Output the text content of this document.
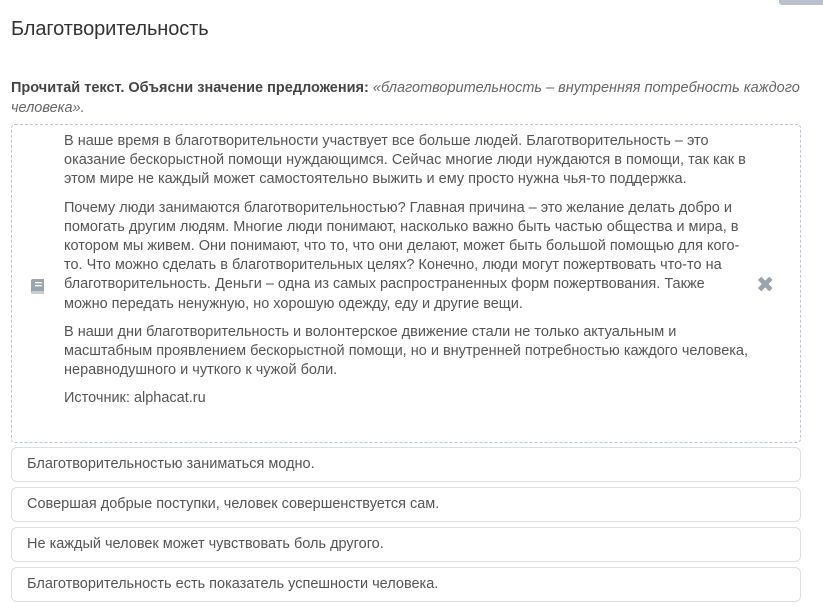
Благотворительность
Прочитай текст. Объясни значение предложения: «благотворительность – внутренняя потребность каждого человека».

В наше время в благотворительности участвует все больше людей. Благотворительность – это оказание бескорыстной помощи нуждающимся. Сейчас многие люди нуждаются в помощи, так как в этом мире не каждый может самостоятельно выжить и ему просто нужна чья-то поддержка.

Почему люди занимаются благотворительностью? Главная причина – это желание делать добро и помогать другим людям. Многие люди понимают, насколько важно быть частью общества и мира, в котором мы живем. Они понимают, что то, что они делают, может быть большой помощью для кого-то. Что можно сделать в благотворительных целях? Конечно, люди могут пожертвовать что-то на благотворительность. Деньги – одна из самых распространенных форм пожертвования. Также можно передать ненужную, но хорошую одежду, еду и другие вещи.

В наши дни благотворительность и волонтерское движение стали не только актуальным и масштабным проявлением бескорыстной помощи, но и внутренней потребностью каждого человека, неравнодушного и чуткого к чужой боли.

Источник: alphacat.ru

✖
Благотворительностью заниматься модно.
Совершая добрые поступки, человек совершенствуется сам.
Не каждый человек может чувствовать боль другого.
Благотворительность есть показатель успешности человека.
